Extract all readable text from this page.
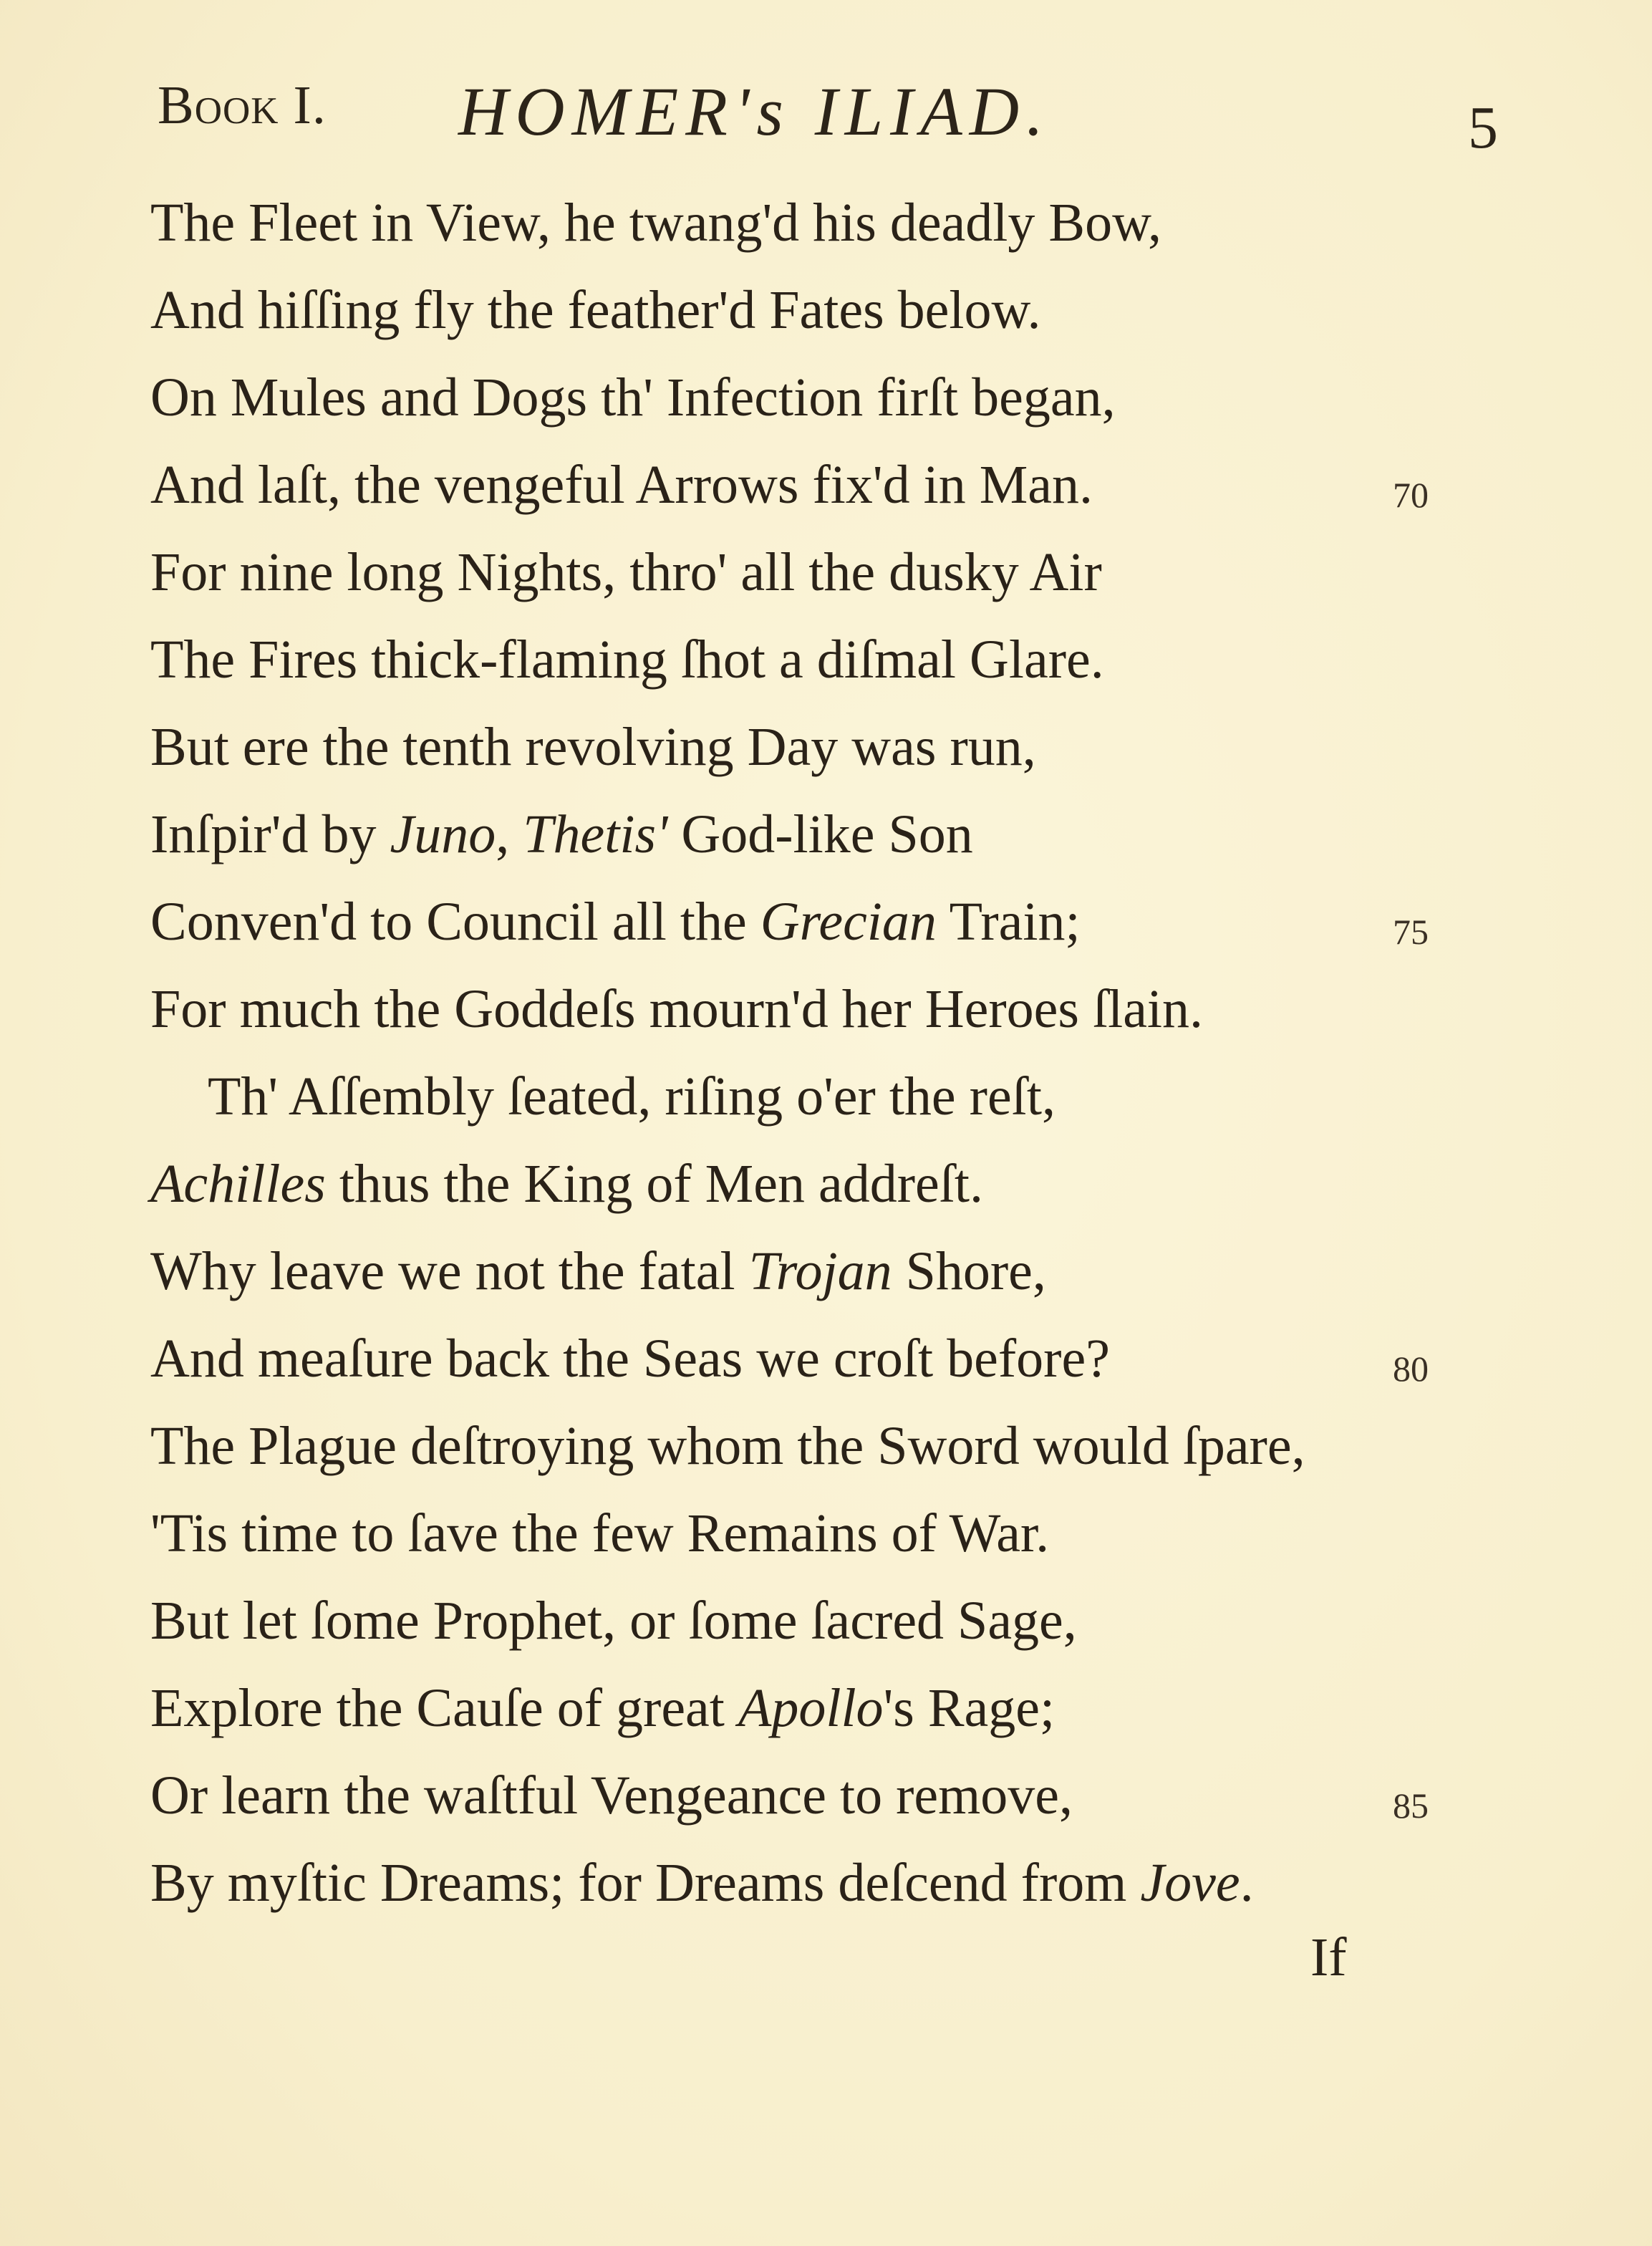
Book I. HOMER's ILIAD.	5
The Fleet in View, he twang'd his deadly Bow,
And hiſſing fly the feather'd Fates below.
On Mules and Dogs th' Infection firſt began,
And laſt, the vengeful Arrows fix'd in Man.	70
For nine long Nights, thro' all the dusky Air
The Fires thick-flaming ſhot a diſmal Glare.
But ere the tenth revolving Day was run,
Inſpir'd by Juno, Thetis' God-like Son
Conven'd to Council all the Grecian Train;	75
For much the Goddeſs mourn'd her Heroes ſlain.
Th' Aſſembly ſeated, riſing o'er the reſt,
Achilles thus the King of Men addreſt.
Why leave we not the fatal Trojan Shore,
And meaſure back the Seas we croſt before?	80
The Plague deſtroying whom the Sword would ſpare,
'Tis time to ſave the few Remains of War.
But let ſome Prophet, or ſome ſacred Sage,
Explore the Cauſe of great Apollo's Rage;
Or learn the waſtful Vengeance to remove,	85
By myſtic Dreams; for Dreams deſcend from Jove.
If
